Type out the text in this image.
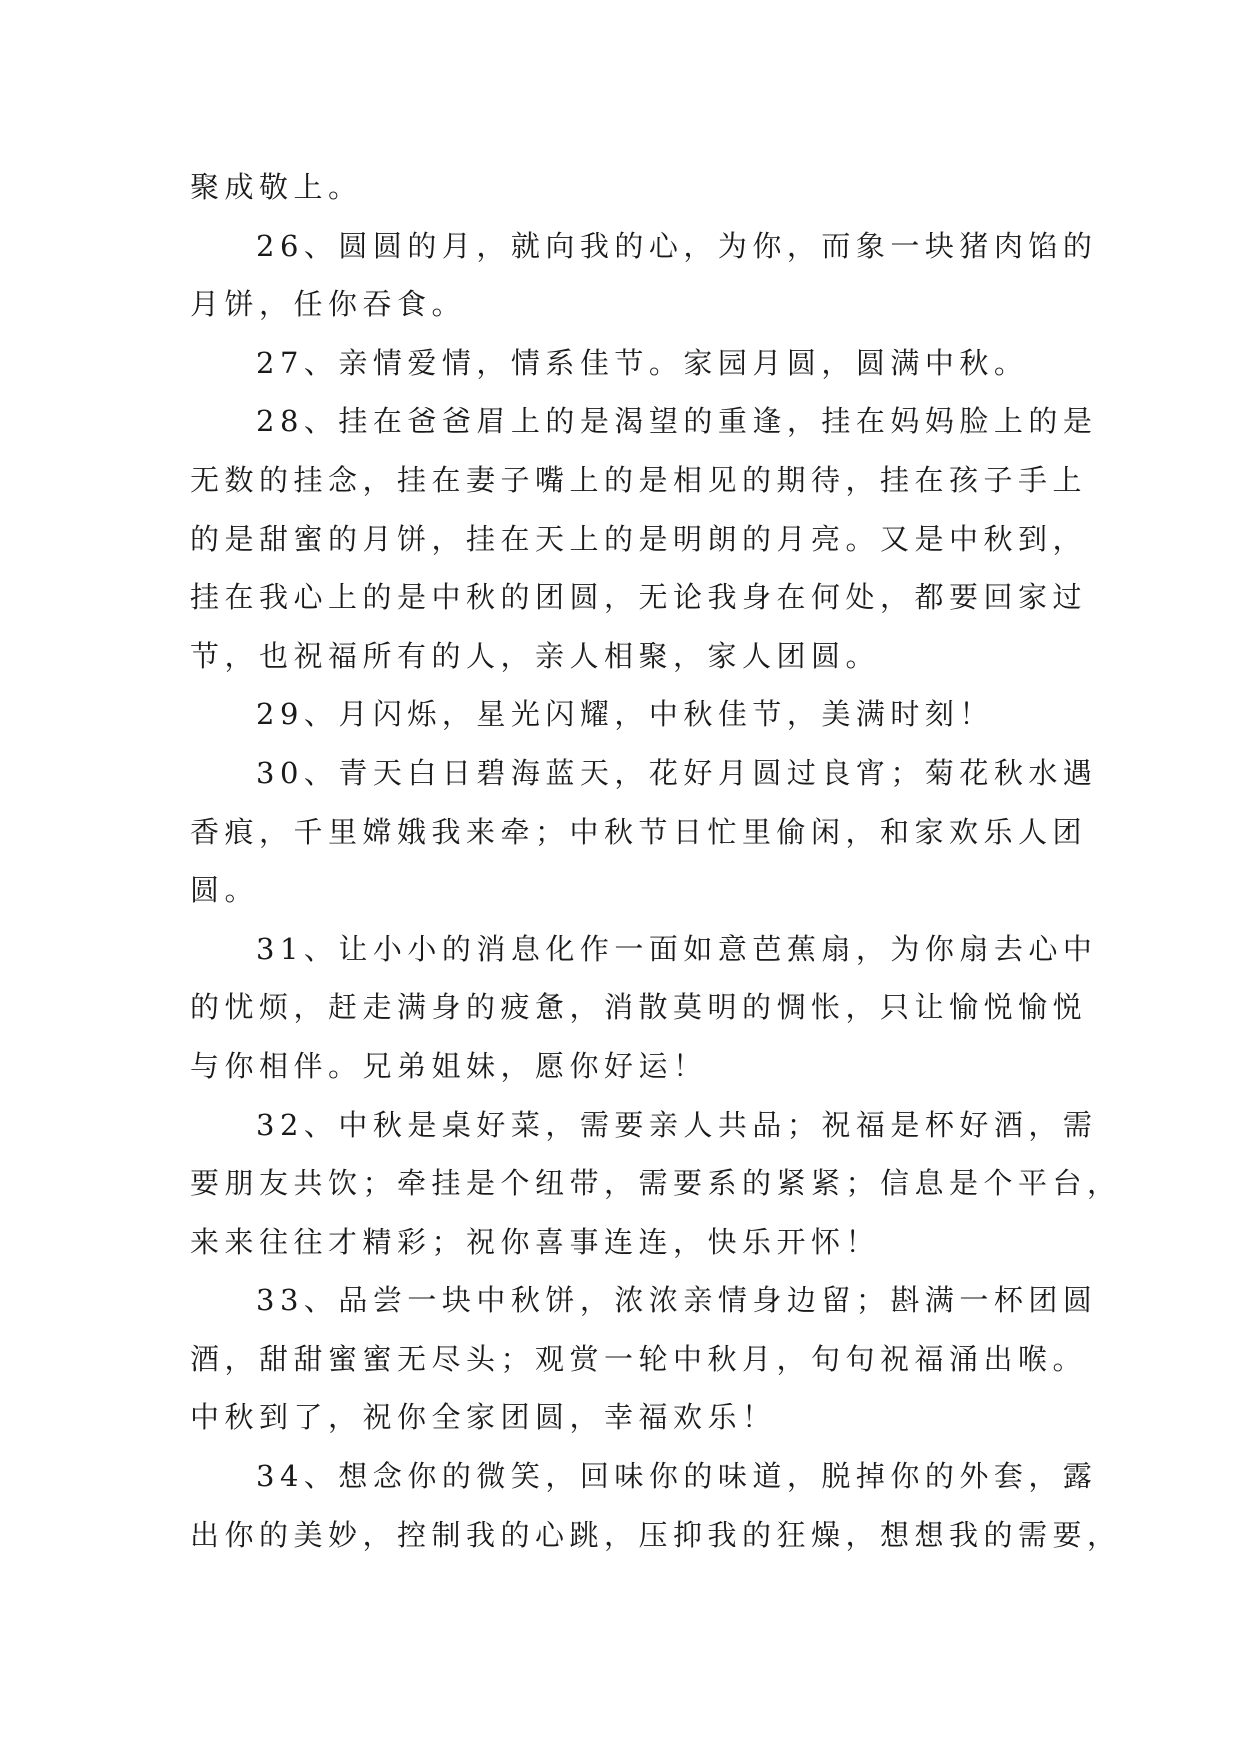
聚成敬上。

26、圆圆的月，就向我的心，为你，而象一块猪肉馅的
月饼，任你吞食。

27、亲情爱情，情系佳节。家园月圆，圆满中秋。

28、挂在爸爸眉上的是渴望的重逢，挂在妈妈脸上的是
无数的挂念，挂在妻子嘴上的是相见的期待，挂在孩子手上
的是甜蜜的月饼，挂在天上的是明朗的月亮。又是中秋到，
挂在我心上的是中秋的团圆，无论我身在何处，都要回家过
节，也祝福所有的人，亲人相聚，家人团圆。

29、月闪烁，星光闪耀，中秋佳节，美满时刻！

30、青天白日碧海蓝天，花好月圆过良宵；菊花秋水遇
香痕，千里嫦娥我来牵；中秋节日忙里偷闲，和家欢乐人团
圆。

31、让小小的消息化作一面如意芭蕉扇，为你扇去心中
的忧烦，赶走满身的疲惫，消散莫明的惆怅，只让愉悦愉悦
与你相伴。兄弟姐妹，愿你好运！

32、中秋是桌好菜，需要亲人共品；祝福是杯好酒，需
要朋友共饮；牵挂是个纽带，需要系的紧紧；信息是个平台，
来来往往才精彩；祝你喜事连连，快乐开怀！

33、品尝一块中秋饼，浓浓亲情身边留；斟满一杯团圆
酒，甜甜蜜蜜无尽头；观赏一轮中秋月，句句祝福涌出喉。
中秋到了，祝你全家团圆，幸福欢乐！

34、想念你的微笑，回味你的味道，脱掉你的外套，露
出你的美妙，控制我的心跳，压抑我的狂燥，想想我的需要，
